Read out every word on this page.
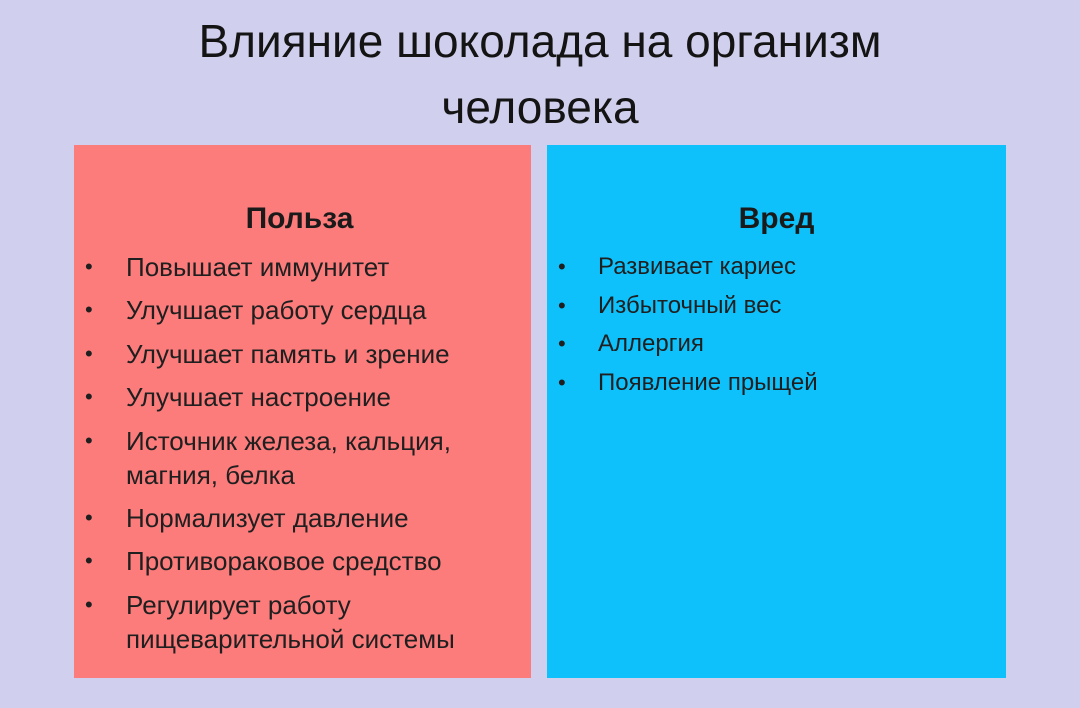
Влияние шоколада на организм
человека
Польза
• Повышает иммунитет
• Улучшает работу сердца
• Улучшает память и зрение
• Улучшает настроение
• Источник железа, кальция, магния, белка
• Нормализует давление
• Противораковое средство
• Регулирует работу пищеварительной системы
Вред
• Развивает кариес
• Избыточный вес
• Аллергия
• Появление прыщей
